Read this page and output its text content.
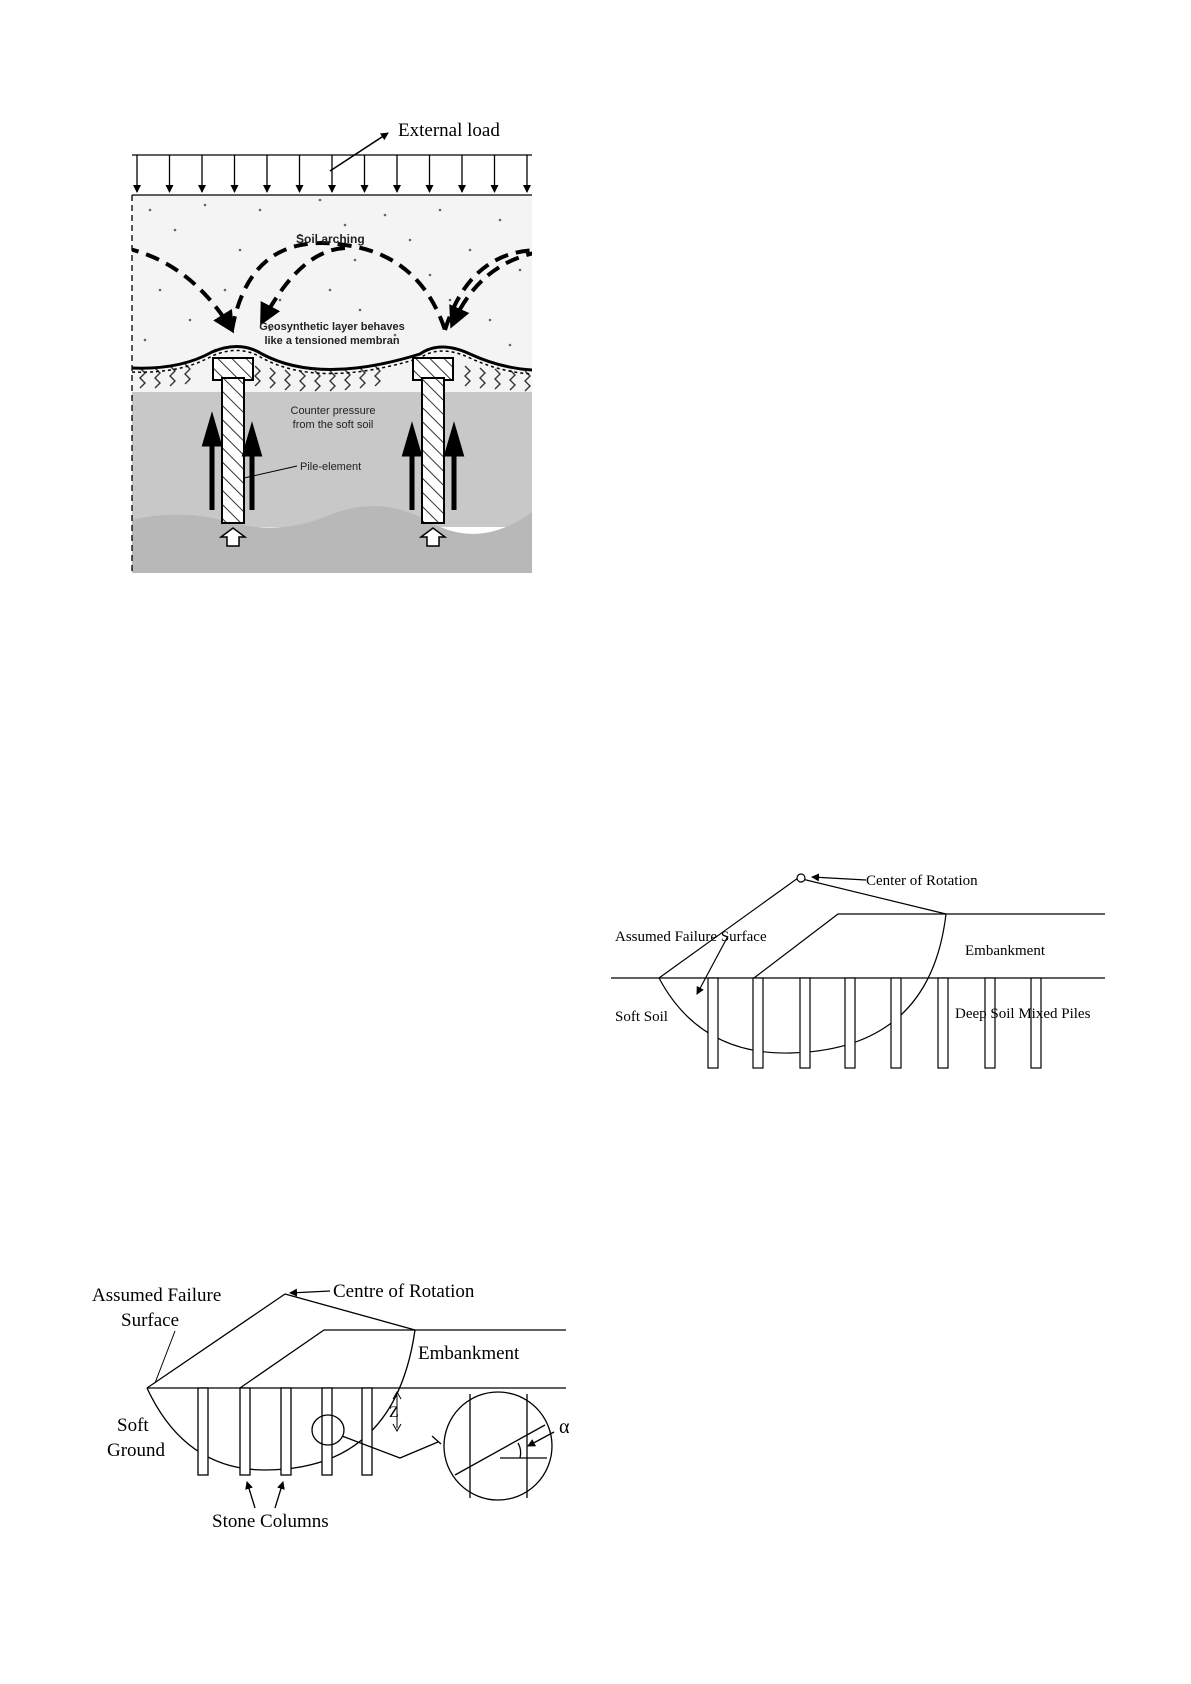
External load
Soil arching
Geosynthetic layer behaves
like a tensioned membran
Counter pressure
from the soft soil
Pile-element
Center of Rotation
Assumed Failure Surface
Embankment
Soft Soil	Deep Soil Mixed Piles
Assumed Failure
Surface
Centre of Rotation
Embankment
Soft
Ground
Z
α
Stone Columns
